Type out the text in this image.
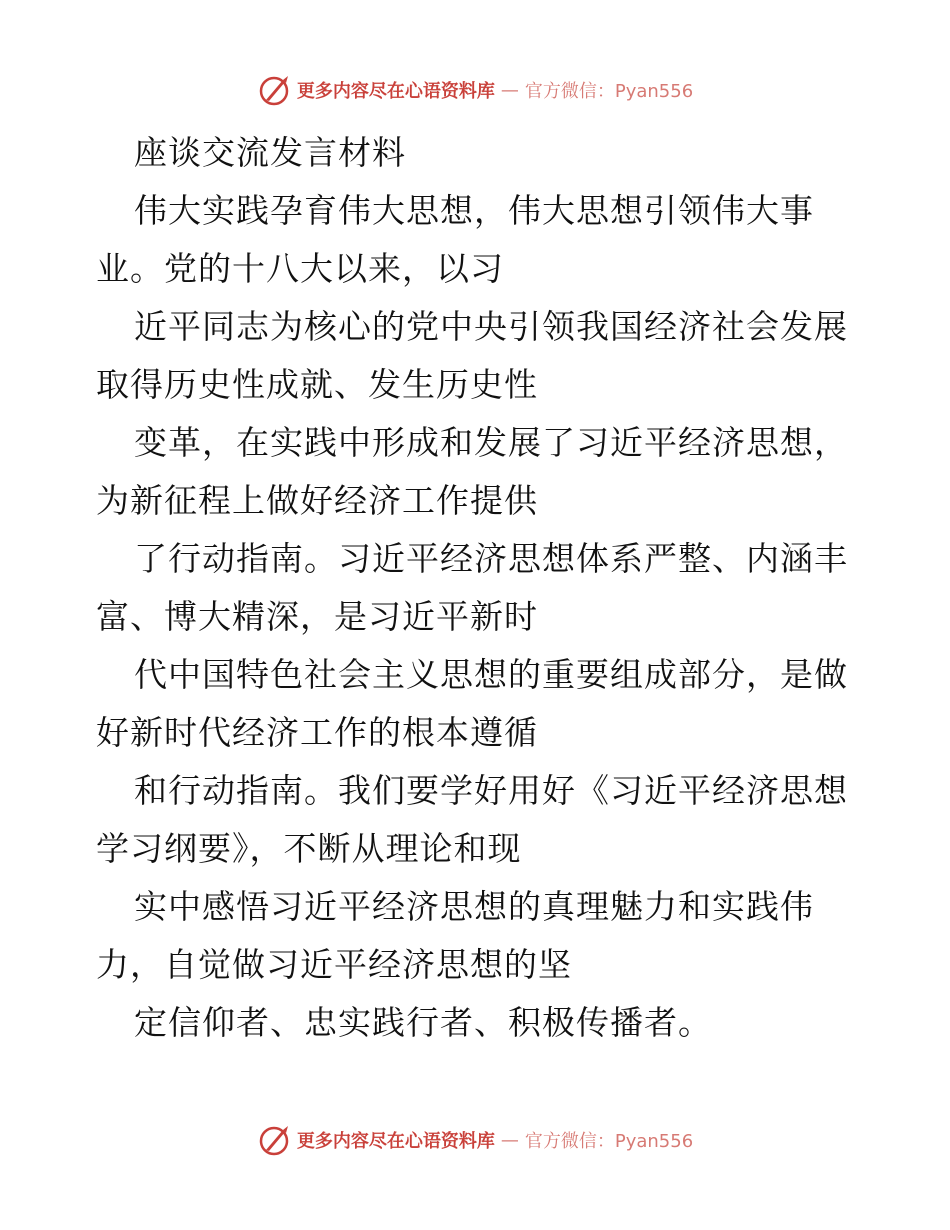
更多内容尽在心语资料库 — 官方微信：Pyan556
座谈交流发言材料
伟大实践孕育伟大思想，伟大思想引领伟大事
业。党的十八大以来，以习
近平同志为核心的党中央引领我国经济社会发展
取得历史性成就、发生历史性
变革，在实践中形成和发展了习近平经济思想，
为新征程上做好经济工作提供
了行动指南。习近平经济思想体系严整、内涵丰
富、博大精深，是习近平新时
代中国特色社会主义思想的重要组成部分，是做
好新时代经济工作的根本遵循
和行动指南。我们要学好用好《习近平经济思想
学习纲要》，不断从理论和现
实中感悟习近平经济思想的真理魅力和实践伟
力，自觉做习近平经济思想的坚
定信仰者、忠实践行者、积极传播者。
更多内容尽在心语资料库 — 官方微信：Pyan556
